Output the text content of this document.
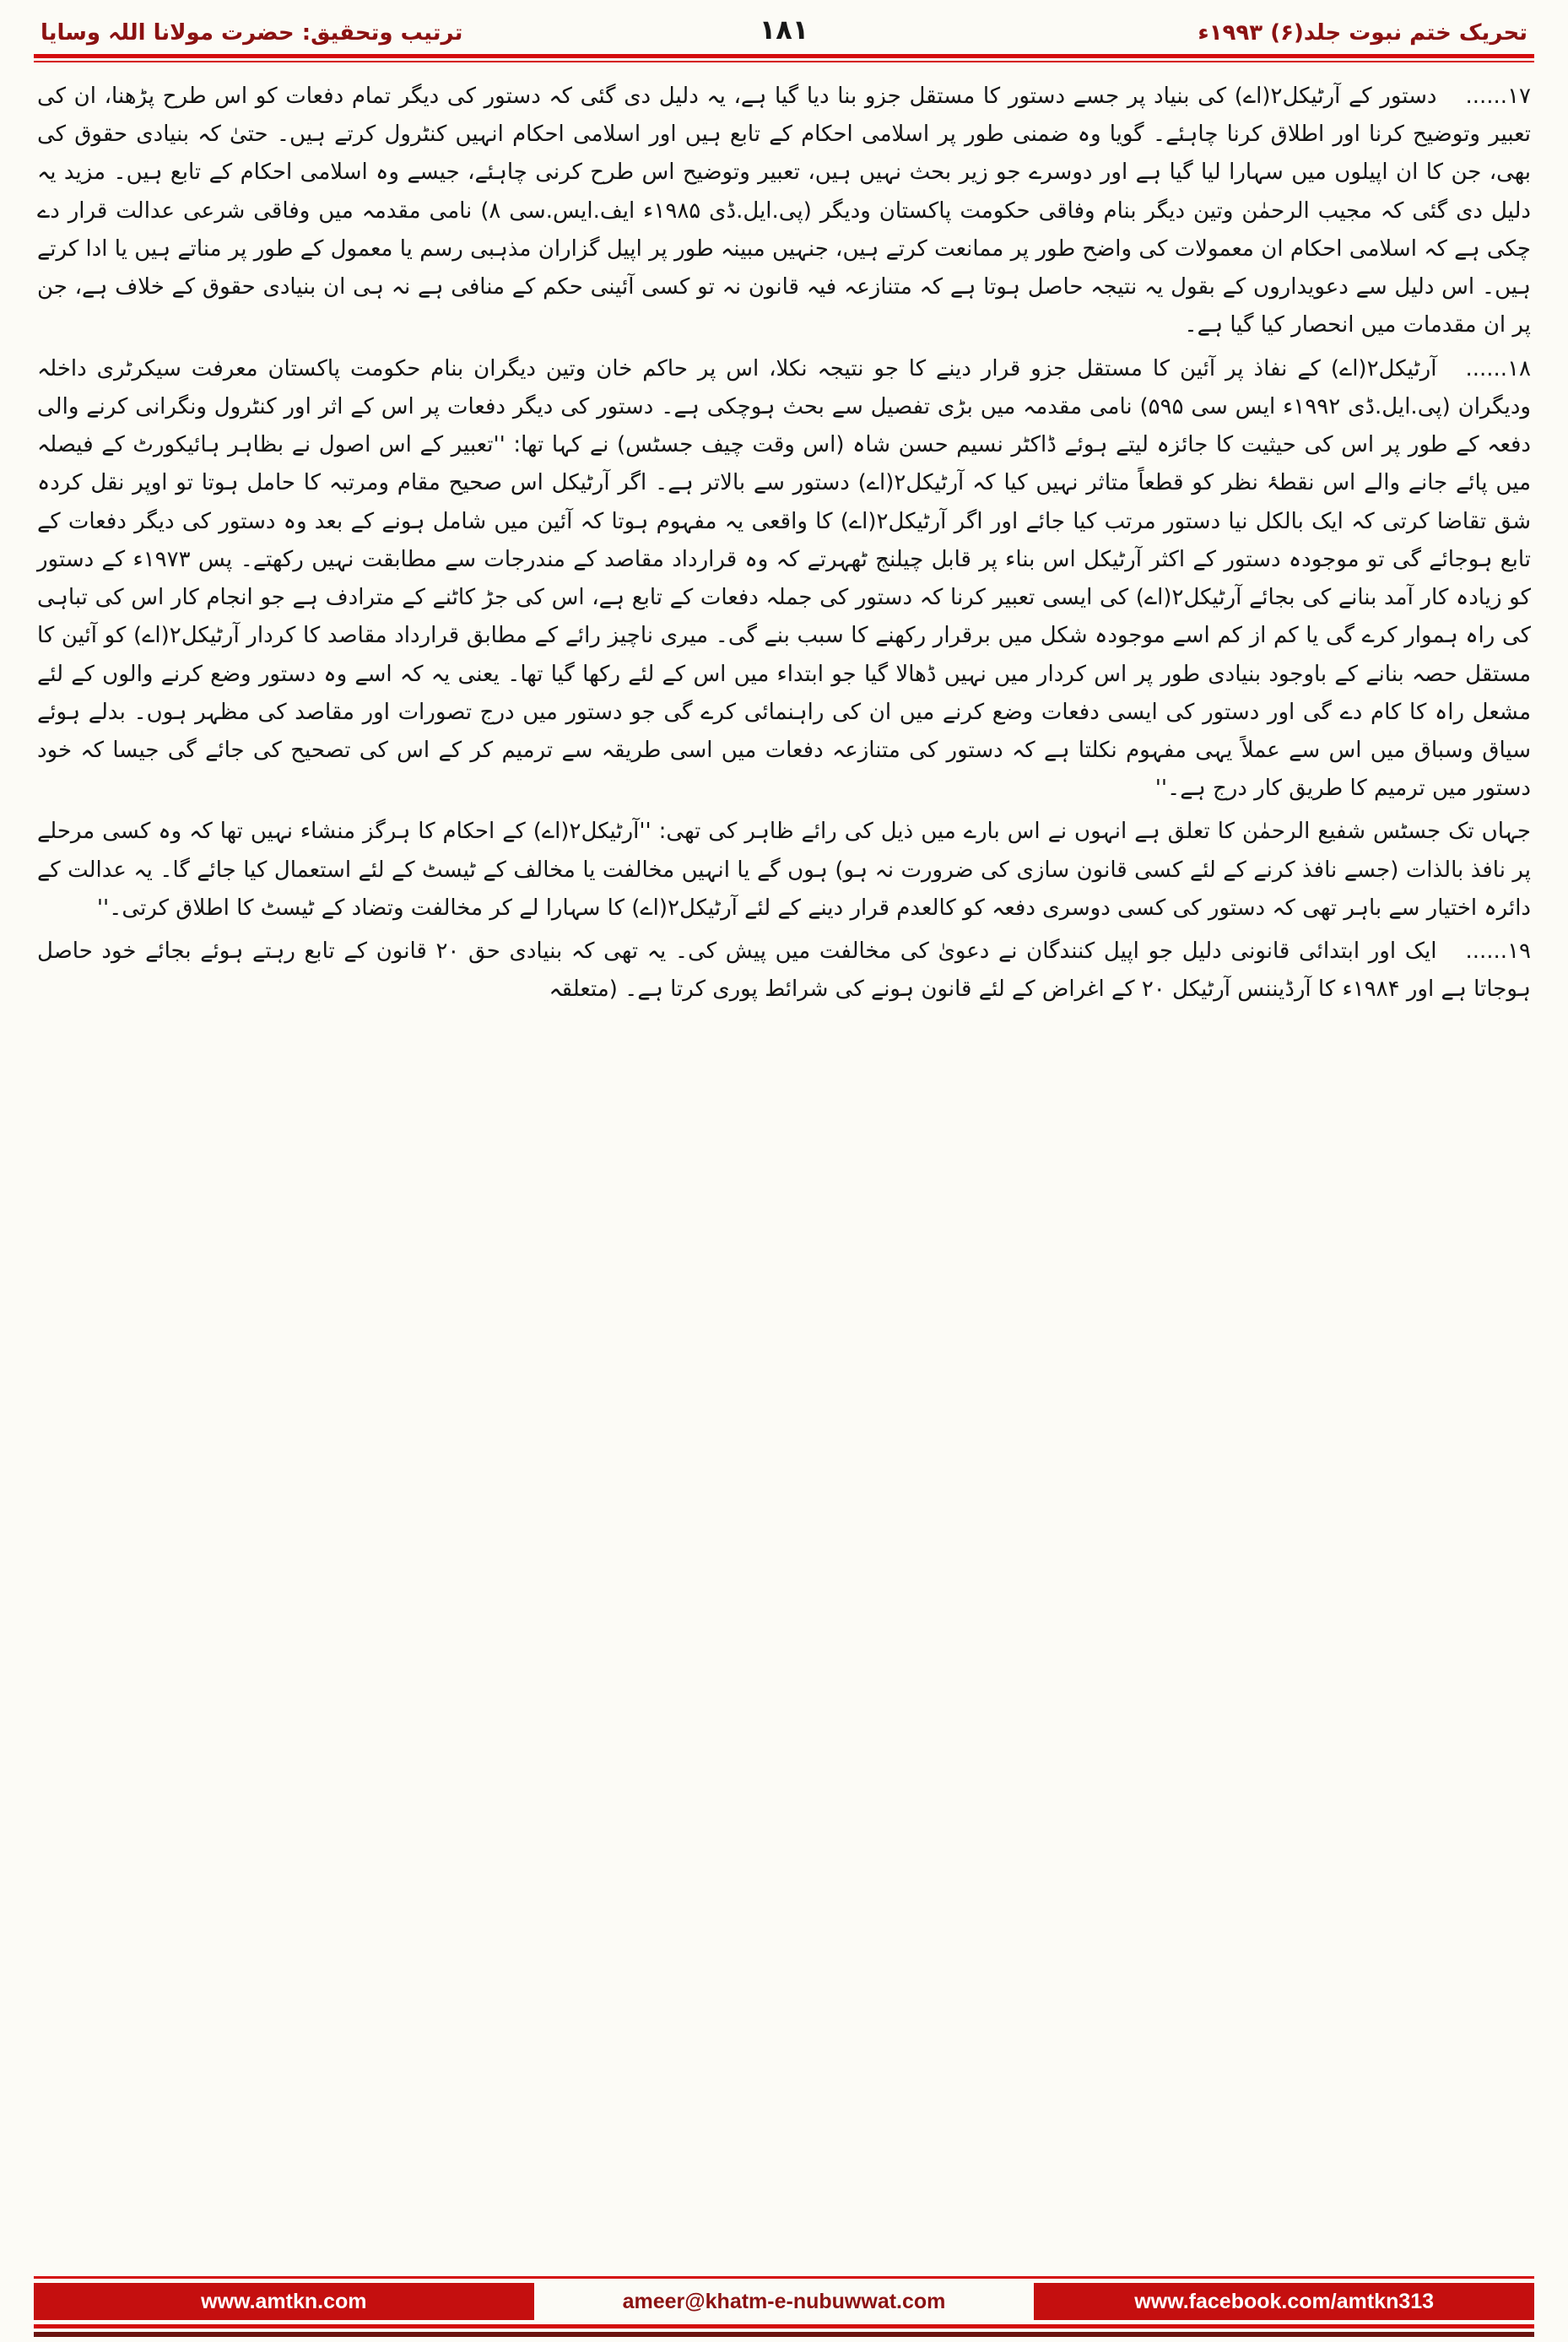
ترتیب وتحقیق: حضرت مولانا اللہ وسایا	۱۸۱	تحریک ختم نبوت جلد(۶) ۱۹۹۳ء
۱۷......دستور کے آرٹیکل۲(اے) کی بنیاد پر جسے دستور کا مستقل جزو بنا دیا گیا ہے، یہ دلیل دی گئی کہ دستور کی دیگر تمام دفعات کو اس طرح پڑھنا، ان کی تعبیر وتوضیح کرنا اور اطلاق کرنا چاہئے۔ گویا وہ ضمنی طور پر اسلامی احکام کے تابع ہیں اور اسلامی احکام انہیں کنٹرول کرتے ہیں۔ حتیٰ کہ بنیادی حقوق کی بھی، جن کا ان اپیلوں میں سہارا لیا گیا ہے اور دوسرے جو زیر بحث نہیں ہیں، تعبیر وتوضیح اس طرح کرنی چاہئے، جیسے وہ اسلامی احکام کے تابع ہیں۔ مزید یہ دلیل دی گئی کہ مجیب الرحمٰن وتین دیگر بنام وفاقی حکومت پاکستان ودیگر (پی.ایل.ڈی ۱۹۸۵ء ایف.ایس.سی ۸) نامی مقدمہ میں وفاقی شرعی عدالت قرار دے چکی ہے کہ اسلامی احکام ان معمولات کی واضح طور پر ممانعت کرتے ہیں، جنہیں مبینہ طور پر اپیل گزاران مذہبی رسم یا معمول کے طور پر مناتے ہیں یا ادا کرتے ہیں۔ اس دلیل سے دعویداروں کے بقول یہ نتیجہ حاصل ہوتا ہے کہ متنازعہ فیہ قانون نہ تو کسی آئینی حکم کے منافی ہے نہ ہی ان بنیادی حقوق کے خلاف ہے، جن پر ان مقدمات میں انحصار کیا گیا ہے۔
۱۸......آرٹیکل۲(اے) کے نفاذ پر آئین کا مستقل جزو قرار دینے کا جو نتیجہ نکلا، اس پر حاکم خان وتین دیگران بنام حکومت پاکستان معرفت سیکرٹری داخلہ ودیگران (پی.ایل.ڈی ۱۹۹۲ء ایس سی ۵۹۵) نامی مقدمہ میں بڑی تفصیل سے بحث ہوچکی ہے۔ دستور کی دیگر دفعات پر اس کے اثر اور کنٹرول ونگرانی کرنے والی دفعہ کے طور پر اس کی حیثیت کا جائزہ لیتے ہوئے ڈاکٹر نسیم حسن شاہ (اس وقت چیف جسٹس) نے کہا تھا: ''تعبیر کے اس اصول نے بظاہر ہائیکورٹ کے فیصلہ میں پائے جانے والے اس نقطۂ نظر کو قطعاً متاثر نہیں کیا کہ آرٹیکل۲(اے) دستور سے بالاتر ہے۔ اگر آرٹیکل اس صحیح مقام ومرتبہ کا حامل ہوتا تو اوپر نقل کردہ شق تقاضا کرتی کہ ایک بالکل نیا دستور مرتب کیا جائے اور اگر آرٹیکل۲(اے) کا واقعی یہ مفہوم ہوتا کہ آئین میں شامل ہونے کے بعد وہ دستور کی دیگر دفعات کے تابع ہوجائے گی تو موجودہ دستور کے اکثر آرٹیکل اس بناء پر قابل چیلنج ٹھہرتے کہ وہ قرارداد مقاصد کے مندرجات سے مطابقت نہیں رکھتے۔ پس ۱۹۷۳ء کے دستور کو زیادہ کار آمد بنانے کی بجائے آرٹیکل۲(اے) کی ایسی تعبیر کرنا کہ دستور کی جملہ دفعات کے تابع ہے، اس کی جڑ کاٹنے کے مترادف ہے جو انجام کار اس کی تباہی کی راہ ہموار کرے گی یا کم از کم اسے موجودہ شکل میں برقرار رکھنے کا سبب بنے گی۔ میری ناچیز رائے کے مطابق قرارداد مقاصد کا کردار آرٹیکل۲(اے) کو آئین کا مستقل حصہ بنانے کے باوجود بنیادی طور پر اس کردار میں نہیں ڈھالا گیا جو ابتداء میں اس کے لئے رکھا گیا تھا۔ یعنی یہ کہ اسے وہ دستور وضع کرنے والوں کے لئے مشعل راہ کا کام دے گی اور دستور کی ایسی دفعات وضع کرنے میں ان کی راہنمائی کرے گی جو دستور میں درج تصورات اور مقاصد کی مظہر ہوں۔ بدلے ہوئے سیاق وسباق میں اس سے عملاً یہی مفہوم نکلتا ہے کہ دستور کی متنازعہ دفعات میں اسی طریقہ سے ترمیم کر کے اس کی تصحیح کی جائے گی جیسا کہ خود دستور میں ترمیم کا طریق کار درج ہے۔''
جہاں تک جسٹس شفیع الرحمٰن کا تعلق ہے انہوں نے اس بارے میں ذیل کی رائے ظاہر کی تھی: ''آرٹیکل۲(اے) کے احکام کا ہرگز منشاء نہیں تھا کہ وہ کسی مرحلے پر نافذ بالذات (جسے نافذ کرنے کے لئے کسی قانون سازی کی ضرورت نہ ہو) ہوں گے یا انہیں مخالفت یا مخالف کے ٹیسٹ کے لئے استعمال کیا جائے گا۔ یہ عدالت کے دائرہ اختیار سے باہر تھی کہ دستور کی کسی دوسری دفعہ کو کالعدم قرار دینے کے لئے آرٹیکل۲(اے) کا سہارا لے کر مخالفت وتضاد کے ٹیسٹ کا اطلاق کرتی۔''
۱۹......ایک اور ابتدائی قانونی دلیل جو اپیل کنندگان نے دعویٰ کی مخالفت میں پیش کی۔ یہ تھی کہ بنیادی حق ۲۰ قانون کے تابع رہتے ہوئے بجائے خود حاصل ہوجاتا ہے اور ۱۹۸۴ء کا آرڈیننس آرٹیکل ۲۰ کے اغراض کے لئے قانون ہونے کی شرائط پوری کرتا ہے۔ (متعلقہ
www.amtkn.com	ameer@khatm-e-nubuwwat.com	www.facebook.com/amtkn313
